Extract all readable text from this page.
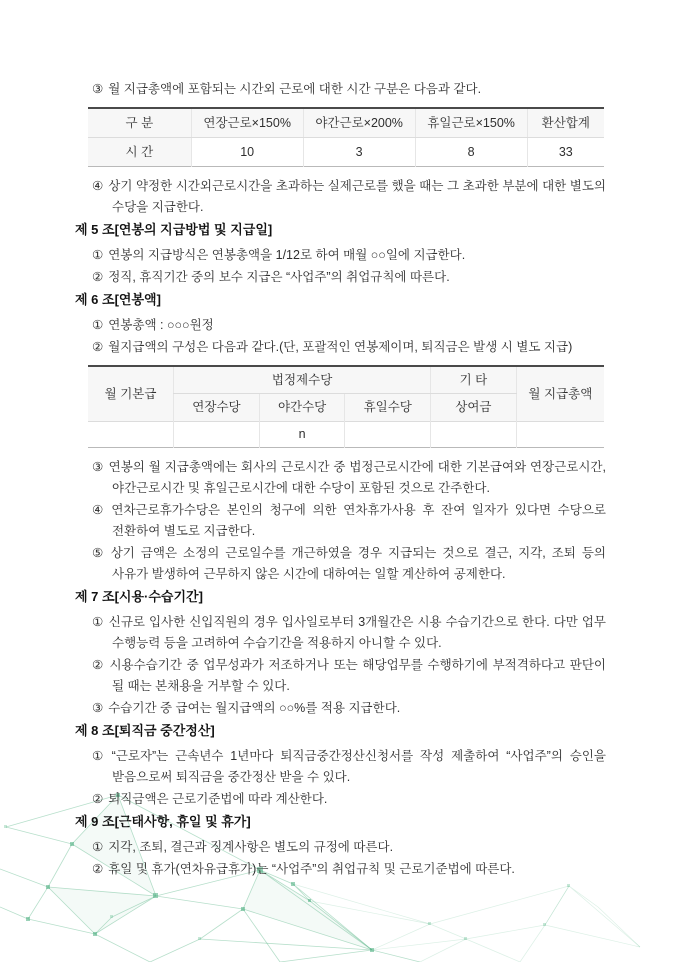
③ 월 지급총액에 포함되는 시간외 근로에 대한 시간 구분은 다음과 같다.

구 분	연장근로×150%	야간근로×200%	휴일근로×150%	환산합계
시 간	10	3	8	33

④ 상기 약정한 시간외근로시간을 초과하는 실제근로를 했을 때는 그 초과한 부분에 대한 별도의 수당을 지급한다.

제 5 조[연봉의 지급방법 및 지급일]

① 연봉의 지급방식은 연봉총액을 1/12로 하여 매월 ○○일에 지급한다.

② 정직, 휴직기간 중의 보수 지급은 “사업주”의 취업규칙에 따른다.

제 6 조[연봉액]

① 연봉총액 : ○○○원정

② 월지급액의 구성은 다음과 같다.(단, 포괄적인 연봉제이며, 퇴직금은 발생 시 별도 지급)

월 기본급	법정제수당			기 타	월 지급총액
	연장수당	야간수당	휴일수당	상여금	
		n			

③ 연봉의 월 지급총액에는 회사의 근로시간 중 법정근로시간에 대한 기본급여와 연장근로시간, 야간근로시간 및 휴일근로시간에 대한 수당이 포함된 것으로 간주한다.

④ 연차근로휴가수당은 본인의 청구에 의한 연차휴가사용 후 잔여 일자가 있다면 수당으로 전환하여 별도로 지급한다.

⑤ 상기 금액은 소정의 근로일수를 개근하였을 경우 지급되는 것으로 결근, 지각, 조퇴 등의 사유가 발생하여 근무하지 않은 시간에 대하여는 일할 계산하여 공제한다.

제 7 조[시용·수습기간]

① 신규로 입사한 신입직원의 경우 입사일로부터 3개월간은 시용 수습기간으로 한다. 다만 업무 수행능력 등을 고려하여 수습기간을 적용하지 아니할 수 있다.

② 시용수습기간 중 업무성과가 저조하거나 또는 해당업무를 수행하기에 부적격하다고 판단이 될 때는 본채용을 거부할 수 있다.

③ 수습기간 중 급여는 월지급액의 ○○%를 적용 지급한다.

제 8 조[퇴직금 중간정산]

① “근로자”는 근속년수 1년마다 퇴직금중간정산신청서를 작성 제출하여 “사업주”의 승인을 받음으로써 퇴직금을 중간정산 받을 수 있다.

② 퇴직금액은 근로기준법에 따라 계산한다.

제 9 조[근태사항, 휴일 및 휴가]

① 지각, 조퇴, 결근과 징계사항은 별도의 규정에 따른다.

② 휴일 및 휴가(연차유급휴가)는 “사업주”의 취업규칙 및 근로기준법에 따른다.
